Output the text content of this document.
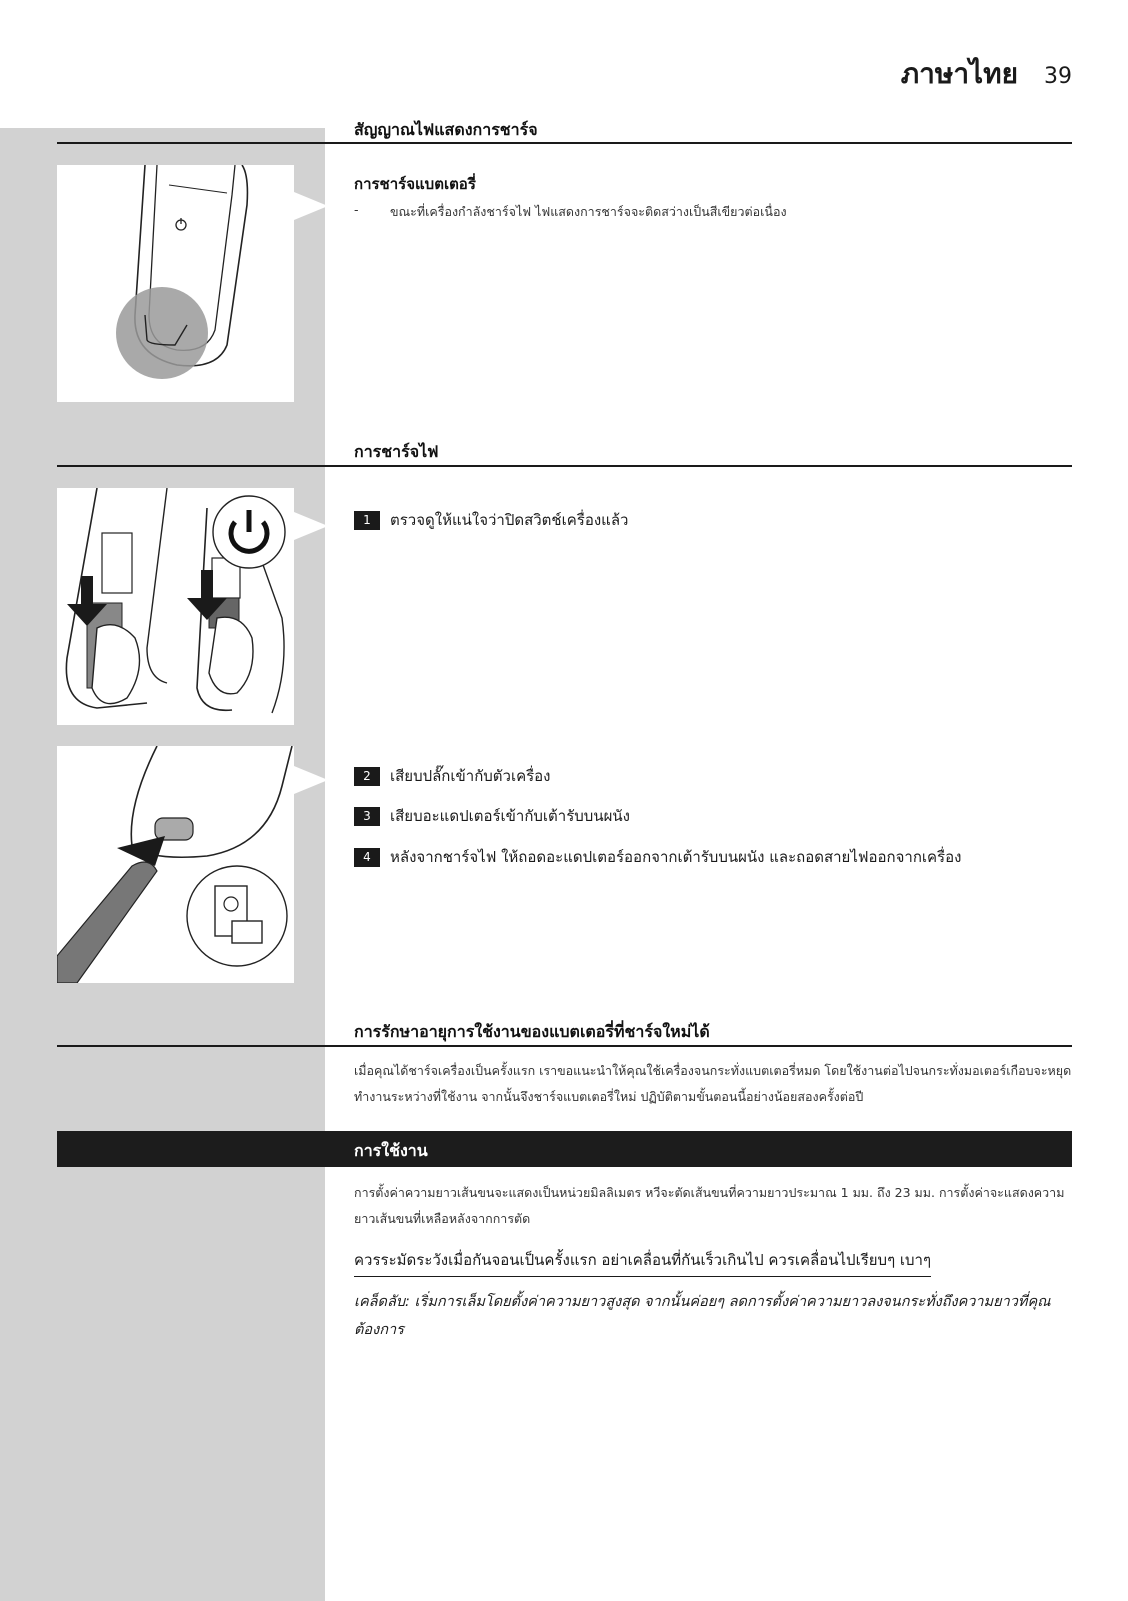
ภาษาไทย 39
สัญญาณไฟแสดงการชาร์จ
การชาร์จแบตเตอรี่
-	ขณะที่เครื่องกำลังชาร์จไฟ ไฟแสดงการชาร์จจะติดสว่างเป็นสีเขียวต่อเนื่อง
การชาร์จไฟ
1	ตรวจดูให้แน่ใจว่าปิดสวิตช์เครื่องแล้ว
2	เสียบปลั๊กเข้ากับตัวเครื่อง
3	เสียบอะแดปเตอร์เข้ากับเต้ารับบนผนัง
4	หลังจากชาร์จไฟ ให้ถอดอะแดปเตอร์ออกจากเต้ารับบนผนัง และถอดสายไฟออกจากเครื่อง
การรักษาอายุการใช้งานของแบตเตอรี่ที่ชาร์จใหม่ได้
เมื่อคุณได้ชาร์จเครื่องเป็นครั้งแรก เราขอแนะนำให้คุณใช้เครื่องจนกระทั่งแบตเตอรี่หมด โดยใช้งานต่อไปจนกระทั่งมอเตอร์เกือบจะหยุดทำงานระหว่างที่ใช้งาน จากนั้นจึงชาร์จแบตเตอรี่ใหม่ ปฏิบัติตามขั้นตอนนี้อย่างน้อยสองครั้งต่อปี
การใช้งาน
การตั้งค่าความยาวเส้นขนจะแสดงเป็นหน่วยมิลลิเมตร หวีจะตัดเส้นขนที่ความยาวประมาณ 1 มม. ถึง 23 มม. การตั้งค่าจะแสดงความยาวเส้นขนที่เหลือหลังจากการตัด
ควรระมัดระวังเมื่อกันจอนเป็นครั้งแรก อย่าเคลื่อนที่กันเร็วเกินไป ควรเคลื่อนไปเรียบๆ เบาๆ
เคล็ดลับ: เริ่มการเล็มโดยตั้งค่าความยาวสูงสุด จากนั้นค่อยๆ ลดการตั้งค่าความยาวลงจนกระทั่งถึงความยาวที่คุณต้องการ
